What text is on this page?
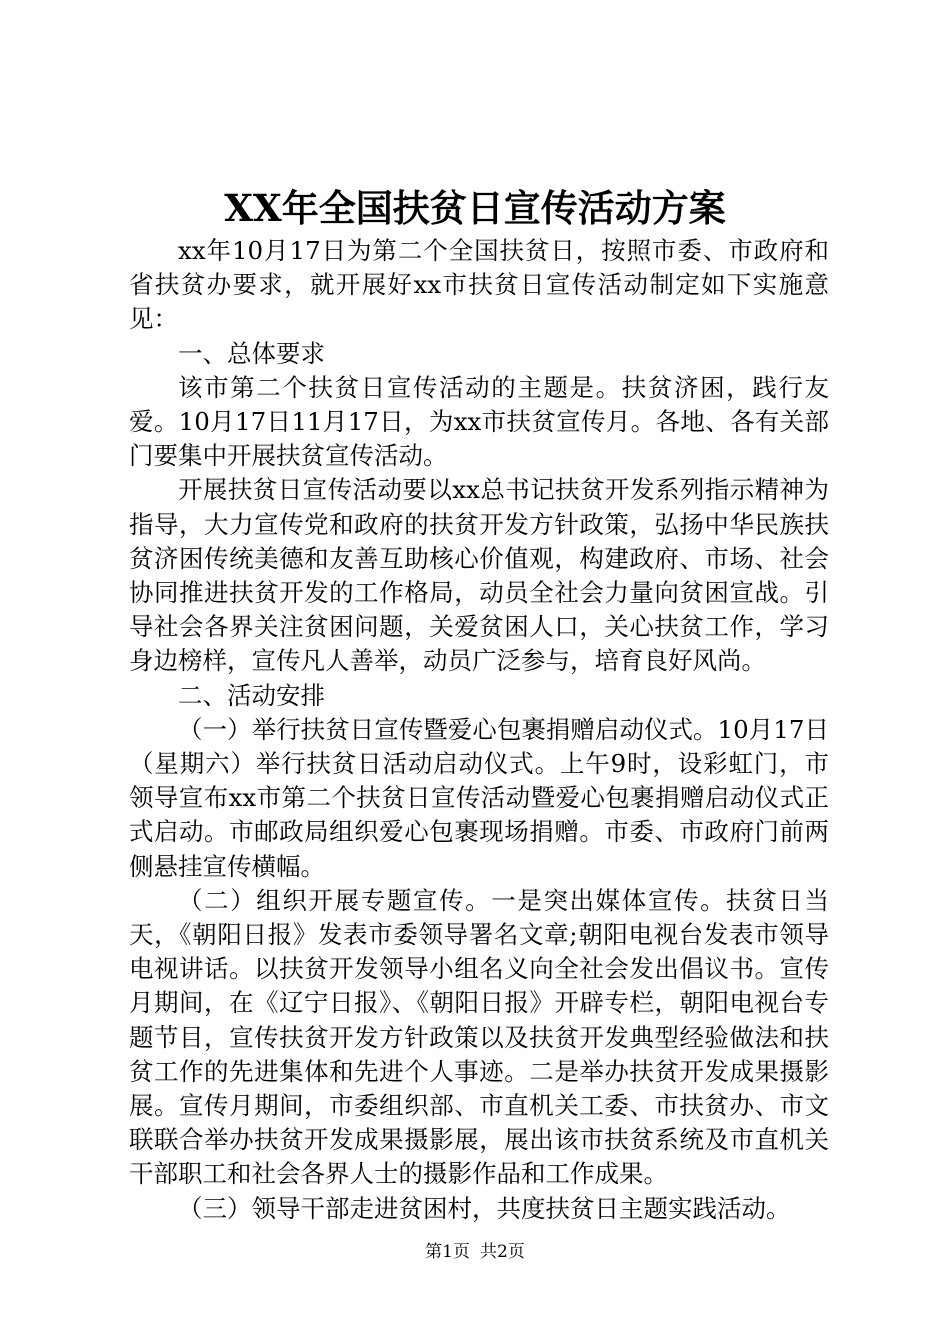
XX年全国扶贫日宣传活动方案

xx年10月17日为第二个全国扶贫日，按照市委、市政府和省扶贫办要求，就开展好xx市扶贫日宣传活动制定如下实施意见：

一、总体要求

该市第二个扶贫日宣传活动的主题是。扶贫济困，践行友爱。10月17日11月17日，为xx市扶贫宣传月。各地、各有关部门要集中开展扶贫宣传活动。

开展扶贫日宣传活动要以xx总书记扶贫开发系列指示精神为指导，大力宣传党和政府的扶贫开发方针政策，弘扬中华民族扶贫济困传统美德和友善互助核心价值观，构建政府、市场、社会协同推进扶贫开发的工作格局，动员全社会力量向贫困宣战。引导社会各界关注贫困问题，关爱贫困人口，关心扶贫工作，学习身边榜样，宣传凡人善举，动员广泛参与，培育良好风尚。

二、活动安排

（一）举行扶贫日宣传暨爱心包裹捐赠启动仪式。10月17日（星期六）举行扶贫日活动启动仪式。上午9时，设彩虹门，市领导宣布xx市第二个扶贫日宣传活动暨爱心包裹捐赠启动仪式正式启动。市邮政局组织爱心包裹现场捐赠。市委、市政府门前两侧悬挂宣传横幅。

（二）组织开展专题宣传。一是突出媒体宣传。扶贫日当天，《朝阳日报》发表市委领导署名文章;朝阳电视台发表市领导电视讲话。以扶贫开发领导小组名义向全社会发出倡议书。宣传月期间，在《辽宁日报》、《朝阳日报》开辟专栏，朝阳电视台专题节目，宣传扶贫开发方针政策以及扶贫开发典型经验做法和扶贫工作的先进集体和先进个人事迹。二是举办扶贫开发成果摄影展。宣传月期间，市委组织部、市直机关工委、市扶贫办、市文联联合举办扶贫开发成果摄影展，展出该市扶贫系统及市直机关干部职工和社会各界人士的摄影作品和工作成果。

（三）领导干部走进贫困村，共度扶贫日主题实践活动。

第1页 共2页
